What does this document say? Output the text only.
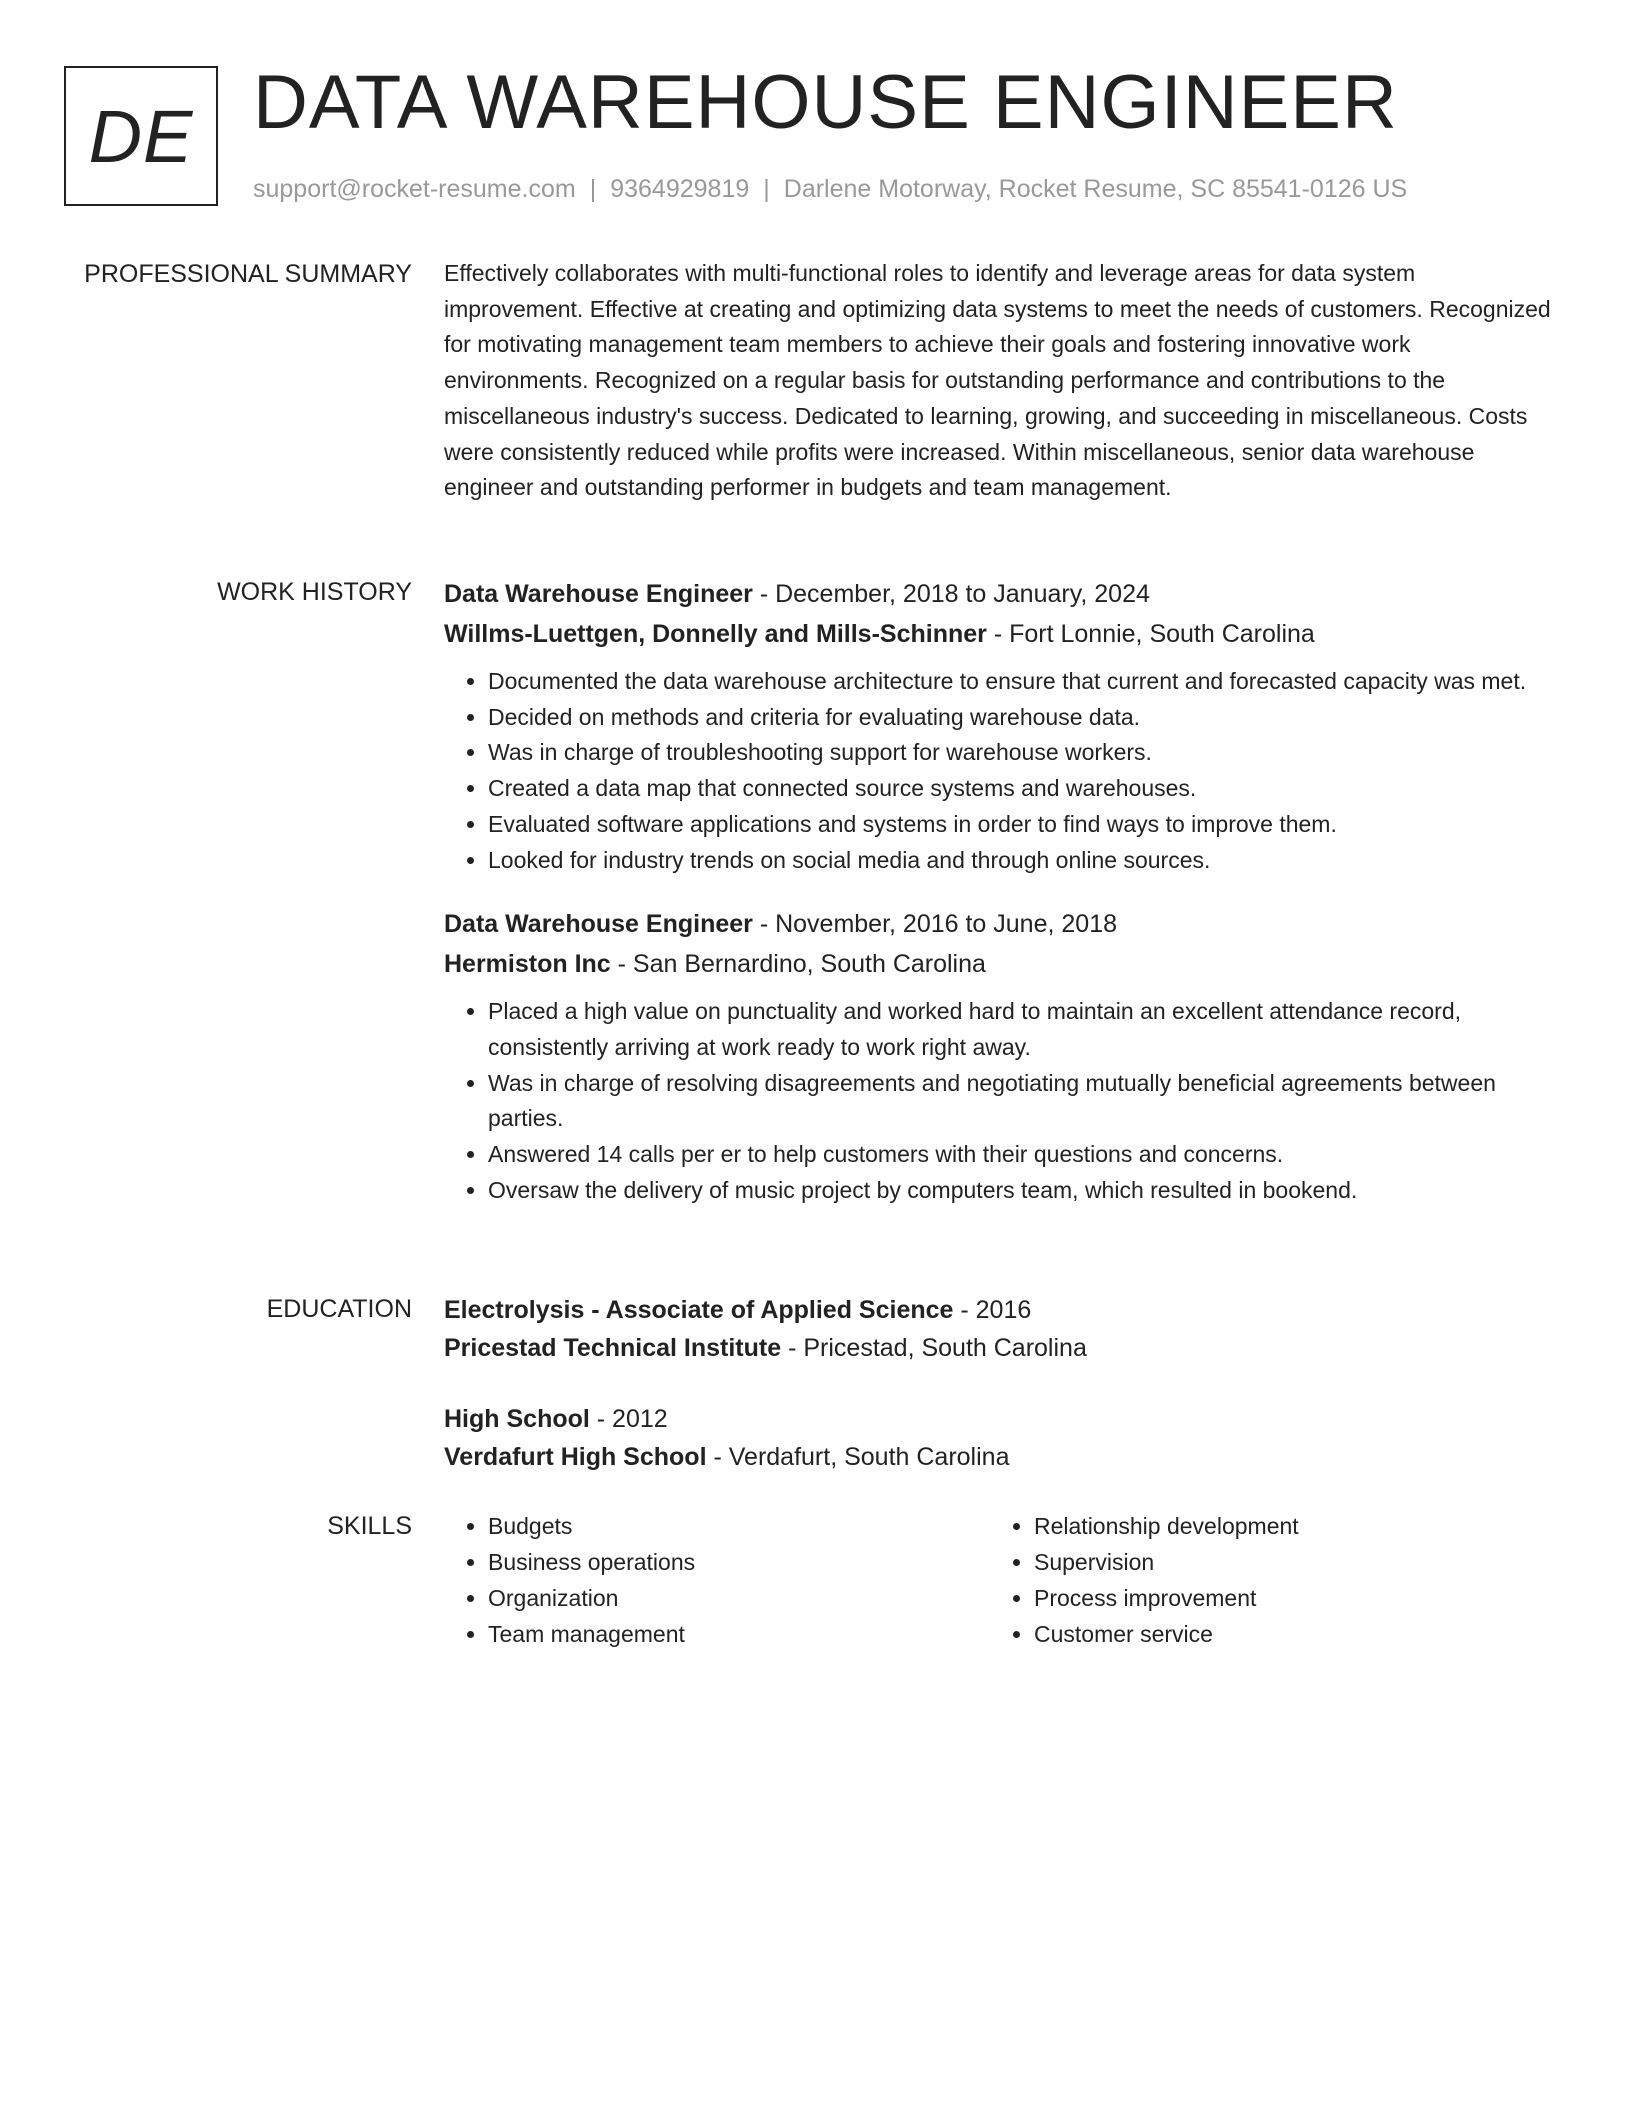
DE DATA WAREHOUSE ENGINEER
support@rocket-resume.com | 9364929819 | Darlene Motorway, Rocket Resume, SC 85541-0126 US
PROFESSIONAL SUMMARY Effectively collaborates with multi-functional roles to identify and leverage areas for data system improvement. Effective at creating and optimizing data systems to meet the needs of customers. Recognized for motivating management team members to achieve their goals and fostering innovative work environments. Recognized on a regular basis for outstanding performance and contributions to the miscellaneous industry's success. Dedicated to learning, growing, and succeeding in miscellaneous. Costs were consistently reduced while profits were increased. Within miscellaneous, senior data warehouse engineer and outstanding performer in budgets and team management.

WORK HISTORY Data Warehouse Engineer - December, 2018 to January, 2024
Willms-Luettgen, Donnelly and Mills-Schinner - Fort Lonnie, South Carolina
• Documented the data warehouse architecture to ensure that current and forecasted capacity was met.
• Decided on methods and criteria for evaluating warehouse data.
• Was in charge of troubleshooting support for warehouse workers.
• Created a data map that connected source systems and warehouses.
• Evaluated software applications and systems in order to find ways to improve them.
• Looked for industry trends on social media and through online sources.
Data Warehouse Engineer - November, 2016 to June, 2018
Hermiston Inc - San Bernardino, South Carolina
• Placed a high value on punctuality and worked hard to maintain an excellent attendance record, consistently arriving at work ready to work right away.
• Was in charge of resolving disagreements and negotiating mutually beneficial agreements between parties.
• Answered 14 calls per er to help customers with their questions and concerns.
• Oversaw the delivery of music project by computers team, which resulted in bookend.
EDUCATION Electrolysis - Associate of Applied Science - 2016
Pricestad Technical Institute - Pricestad, South Carolina
High School - 2012
Verdafurt High School - Verdafurt, South Carolina
SKILLS
•	Budgets
• Business operations
• Organization
• Team management
• Relationship development
• Supervision
• Process improvement
• Customer service
